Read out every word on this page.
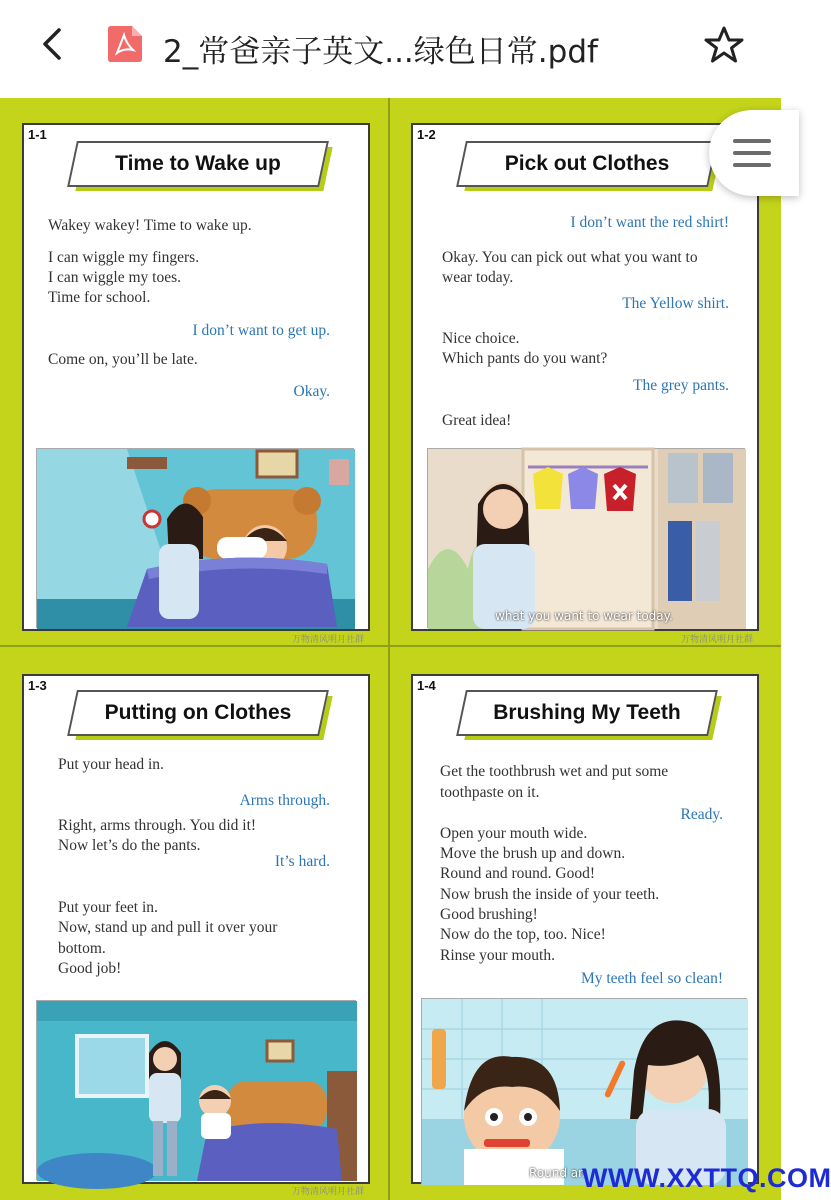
2_常爸亲子英文...绿色日常.pdf
1-1
Time to Wake up
Wakey wakey! Time to wake up.
I can wiggle my fingers.
I can wiggle my toes.
Time for school.
I don’t want to get up.
Come on, you’ll be late.
Okay.
万物清风明月社群
1-2
Pick out Clothes
I don’t want the red shirt!
Okay. You can pick out what you want to
wear today.
The Yellow shirt.
Nice choice.
Which pants do you want?
The grey pants.
Great idea!
what you want to wear today.
万物清风明月社群
1-3
Putting on Clothes
Put your head in.
Arms through.
Right, arms through. You did it!
Now let’s do the pants.
It’s hard.
Put your feet in.
Now, stand up and pull it over your
bottom.
Good job!
万物清风明月社群
1-4
Brushing My Teeth
Get the toothbrush wet and put some
toothpaste on it.
Ready.
Open your mouth wide.
Move the brush up and down.
Round and round. Good!
Now brush the inside of your teeth.
Good brushing!
Now do the top, too. Nice!
Rinse your mouth.
My teeth feel so clean!
Round an
WWW.XXTTQ.COM
